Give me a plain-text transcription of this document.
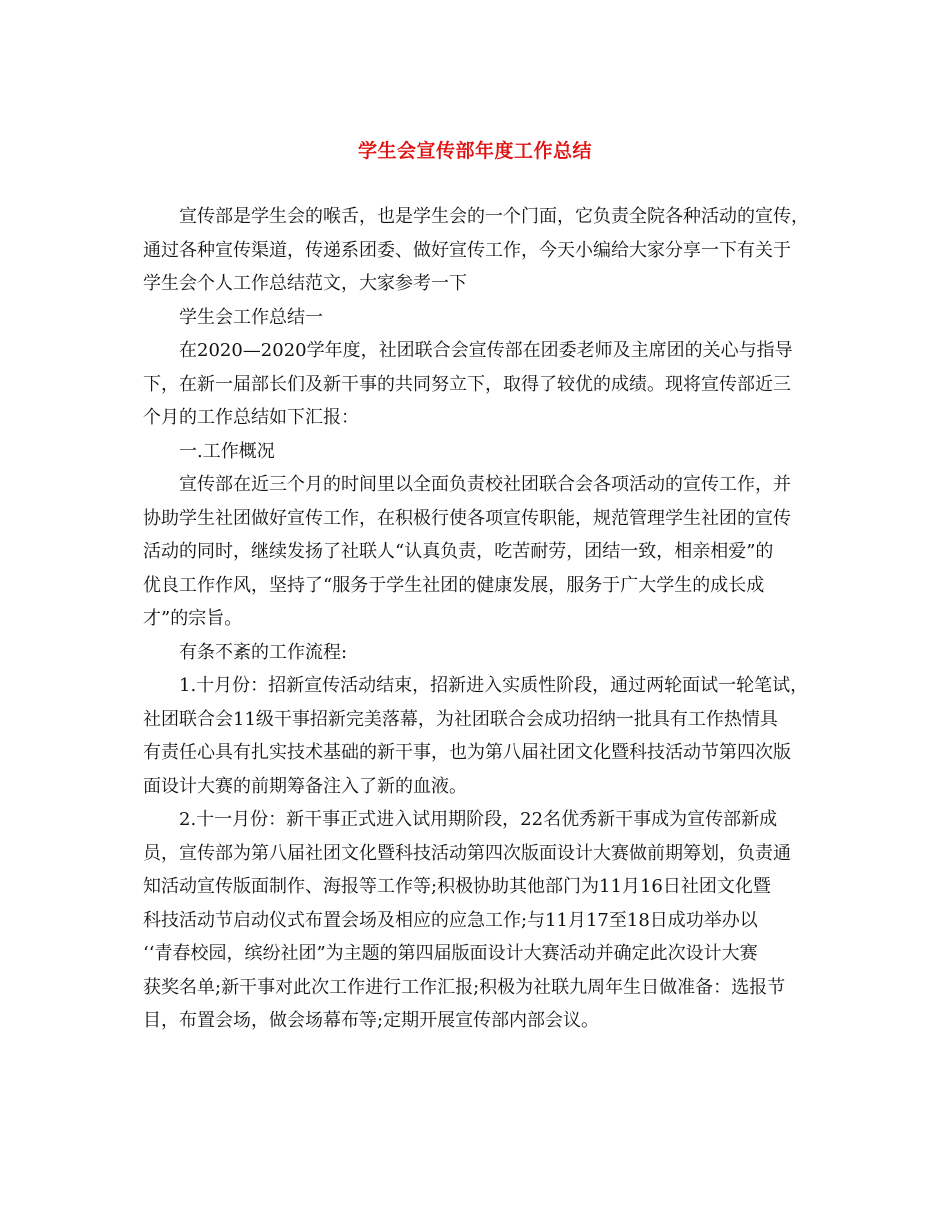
学生会宣传部年度工作总结
宣传部是学生会的喉舌，也是学生会的一个门面，它负责全院各种活动的宣传，
通过各种宣传渠道，传递系团委、做好宣传工作，今天小编给大家分享一下有关于
学生会个人工作总结范文，大家参考一下
学生会工作总结一
在2020—2020学年度，社团联合会宣传部在团委老师及主席团的关心与指导
下，在新一届部长们及新干事的共同努立下，取得了较优的成绩。现将宣传部近三
个月的工作总结如下汇报：
一.工作概况
宣传部在近三个月的时间里以全面负责校社团联合会各项活动的宣传工作，并
协助学生社团做好宣传工作，在积极行使各项宣传职能，规范管理学生社团的宣传
活动的同时，继续发扬了社联人“认真负责，吃苦耐劳，团结一致，相亲相爱”的
优良工作作风，坚持了“服务于学生社团的健康发展，服务于广大学生的成长成
才”的宗旨。
有条不紊的工作流程:
1.十月份：招新宣传活动结束，招新进入实质性阶段，通过两轮面试一轮笔试，
社团联合会11级干事招新完美落幕，为社团联合会成功招纳一批具有工作热情具
有责任心具有扎实技术基础的新干事，也为第八届社团文化暨科技活动节第四次版
面设计大赛的前期筹备注入了新的血液。
2.十一月份：新干事正式进入试用期阶段，22名优秀新干事成为宣传部新成
员，宣传部为第八届社团文化暨科技活动第四次版面设计大赛做前期筹划，负责通
知活动宣传版面制作、海报等工作等;积极协助其他部门为11月16日社团文化暨
科技活动节启动仪式布置会场及相应的应急工作;与11月17至18日成功举办以
‘‘青春校园，缤纷社团”为主题的第四届版面设计大赛活动并确定此次设计大赛
获奖名单;新干事对此次工作进行工作汇报;积极为社联九周年生日做准备：选报节
目，布置会场，做会场幕布等;定期开展宣传部内部会议。
